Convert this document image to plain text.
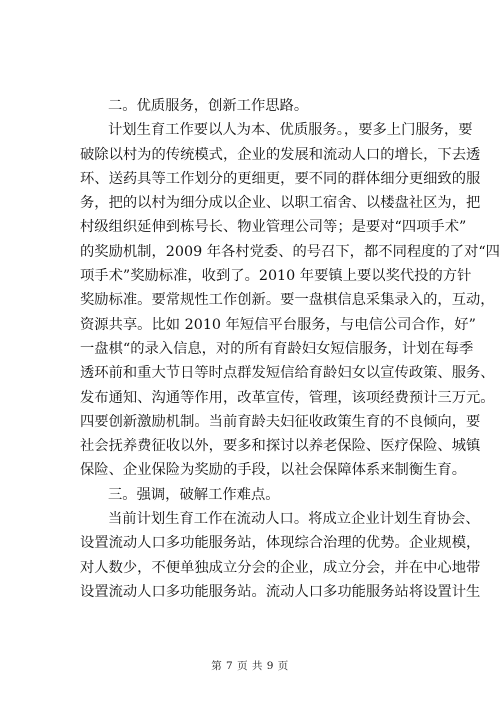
二。优质服务，创新工作思路。
计划生育工作要以人为本、优质服务。，要多上门服务，要
破除以村为的传统模式，企业的发展和流动人口的增长，下去透
环、送药具等工作划分的更细更，要不同的群体细分更细致的服
务，把的以村为细分成以企业、以职工宿舍、以楼盘社区为，把
村级组织延伸到栋号长、物业管理公司等；是要对“四项手术”
的奖励机制，2009 年各村党委、的号召下，都不同程度的了对“四
项手术”奖励标准，收到了。2010 年要镇上要以奖代投的方针
奖励标准。要常规性工作创新。要一盘棋信息采集录入的，互动，
资源共享。比如 2010 年短信平台服务，与电信公司合作，好”
一盘棋“的录入信息，对的所有育龄妇女短信服务，计划在每季
透环前和重大节日等时点群发短信给育龄妇女以宣传政策、服务、
发布通知、沟通等作用，改革宣传，管理，该项经费预计三万元。
四要创新激励机制。当前育龄夫妇征收政策生育的不良倾向，要
社会抚养费征收以外，要多和探讨以养老保险、医疗保险、城镇
保险、企业保险为奖励的手段，以社会保障体系来制衡生育。
三。强调，破解工作难点。
当前计划生育工作在流动人口。将成立企业计划生育协会、
设置流动人口多功能服务站，体现综合治理的优势。企业规模，
对人数少，不便单独成立分会的企业，成立分会，并在中心地带
设置流动人口多功能服务站。流动人口多功能服务站将设置计生
第 7 页 共 9 页
